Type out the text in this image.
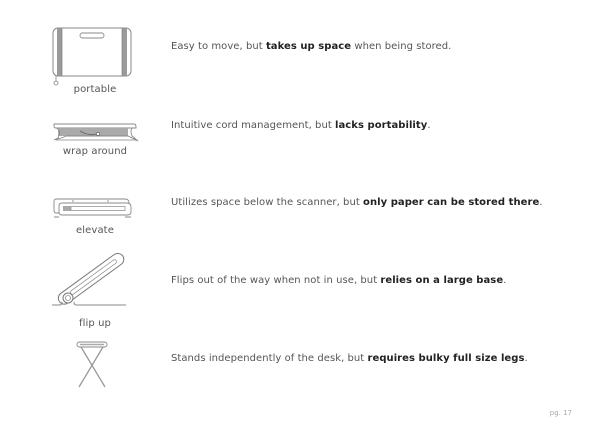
portable
Easy to move, but takes up space when being stored.
wrap around
Intuitive cord management, but lacks portability.
elevate
Utilizes space below the scanner, but only paper can be stored there.
flip up
Flips out of the way when not in use, but relies on a large base.
Stands independently of the desk, but requires bulky full size legs.
pg. 17
